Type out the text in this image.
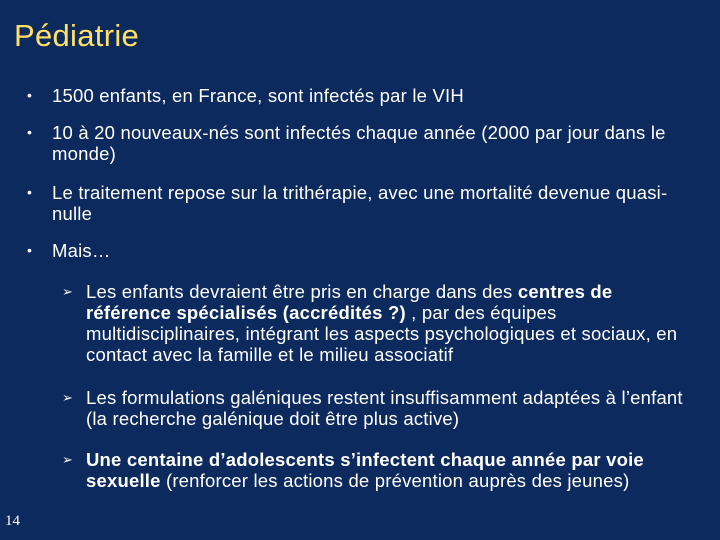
Pédiatrie
• 1500 enfants, en France, sont infectés par le VIH
• 10 à 20 nouveaux-nés sont infectés chaque année (2000 par jour dans le monde)
• Le traitement repose sur la trithérapie, avec une mortalité devenue quasi-nulle
• Mais…
➢ Les enfants devraient être pris en charge dans des centres de référence spécialisés (accrédités ?) , par des équipes multidisciplinaires, intégrant les aspects psychologiques et sociaux, en contact avec la famille et le milieu associatif
➢ Les formulations galéniques restent insuffisamment adaptées à l’enfant (la recherche galénique doit être plus active)
➢ Une centaine d’adolescents s’infectent chaque année par voie sexuelle (renforcer les actions de prévention auprès des jeunes)
14
